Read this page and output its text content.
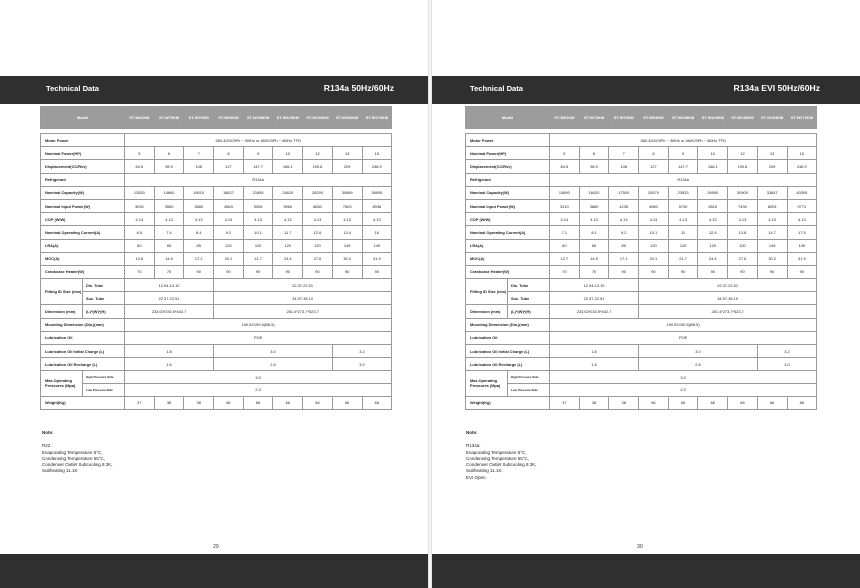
Technical Data	R134a 50Hz/60Hz
Model		ST-W61KM	ST-W72KM	ST-W79KM	ST-W94KM	ST-W108KM	ST-W125KM	ST-W138KM	ST-W154KM	ST-W170KM

Motor Power		380-420V/3Ph ~ /50Hz or 460V/3Ph ~ /60Hz TFD								
Nominal Power(HP)		5	6	7	8	9	10	12	13	15
Displacement(CC/Rev)		84.5	98.9	108	127	147.7	166.1	190.8	209	248.9
Refrigerant		R134a								
Nominal Capacity(W)		12530	14660	16010	18827	21895	24620	28290	30989	36905
Nominal Input Power(W)		3030	3550	3880	4563	5306	5960	6850	7503	8936
COP (W/W)		4.14	4.13	4.13	4.13	4.13	4.13	4.13	4.13	4.13
Nominal Operating Current(A)		6.5	7.4	8.4	9.2	10.1	11.7	12.6	13.4	16
LRA(A)		60	65	85	120	120	120	120	149	149
MOC(A)		12.6	14.5	17.2	20.1	21.7	24.4	27.6	30.2	31.9
Crankcase Heater(W)		70	70	90	90	90	90	90	90	90
Fitting ID Size (mm)	Dis. Tube	12.94-13.10			22.37-22.51					
	Suc. Tube	22.37-22.51			34.97-35.10					
Dimension (mm)	(L)*(W)*(H)	233.63*230.5*442.7			281.4*273.7*523.7					
Mounting Dimension (Dia.)(mm)		190.5X190.5(Ø8.5)								
Lubrication Oil		POE								
Lubrication Oil Initial Charge (L)		1.8			3.0				3.2	
Lubrication Oil Recharge (L)		1.6			2.8				3.0	
Max.Operating Pressures (Mpa)	High Pressure Side	3.0								
	Low Pressure Side	2.0								
Weight(Kg)		37	38	38	66	66	66	66	66	66
Note:
R22 :
Evaporating Temperature 5°C,
Condensing Temperature 55°C,
Condenser Outlet Subcooling 8.3K,
Subheating 11.1K
29
Technical Data	R134a EVI 50Hz/60Hz
Model		ST-W61KM	ST-W72KM	ST-W79KM	ST-W94KM	ST-W108KM	ST-W125KM	ST-W138KM	ST-W154KM	ST-W170KM

Motor Power		380-420V/3Ph ~ /50Hz or 460V/3Ph ~ /60Hz TFD								
Nominal Power(HP)		5	6	7	8	9	10	12	13	15
Displacement(CC/Rev)		84.5	98.9	108	127	147.7	166.1	190.8	209	248.9
Refrigerant		R134a								
Nominal Capacity(W)		13690	16020	17500	20579	23933	26900	30900	33847	40309
Nominal Input Power(W)		3310	3880	4235	4980	5792	6510	7490	8204	9771
COP (W/W)		4.14	4.13	4.13	4.13	4.13	4.13	4.13	4.13	4.13
Nominal Operating Current(A)		7.1	8.1	9.2	10.1	11	12.8	13.8	14.7	17.5
LRA(A)		60	65	85	120	120	120	120	149	149
MOC(A)		12.7	14.5	17.1	20.1	21.7	24.4	27.6	30.2	31.9
Crankcase Heater(W)		70	70	90	90	90	90	90	90	90
Fitting ID Size (mm)	Dis. Tube	12.94-13.10			22.37-22.51					
	Suc. Tube	22.37-22.51			34.97-35.10					
Dimension (mm)	(L)*(W)*(H)	233.63*230.5*442.7			281.4*273.7*523.7					
Mounting Dimension (Dia.)(mm)		190.5X190.5(Ø8.5)								
Lubrication Oil		POE								
Lubrication Oil Initial Charge (L)		1.8			3.0				3.2	
Lubrication Oil Recharge (L)		1.6			2.8				3.0	
Max.Operating Pressures (Mpa)	High Pressure Side	3.0								
	Low Pressure Side	2.0								
Weight(Kg)		37	38	38	66	66	66	66	66	66
Note:
R134a:
Evaporating Temperature 5°C,
Condensing Temperature 55°C,
Condenser Outlet Subcooling 8.3K,
Subheating 11.1K,
EVI Open.
30
